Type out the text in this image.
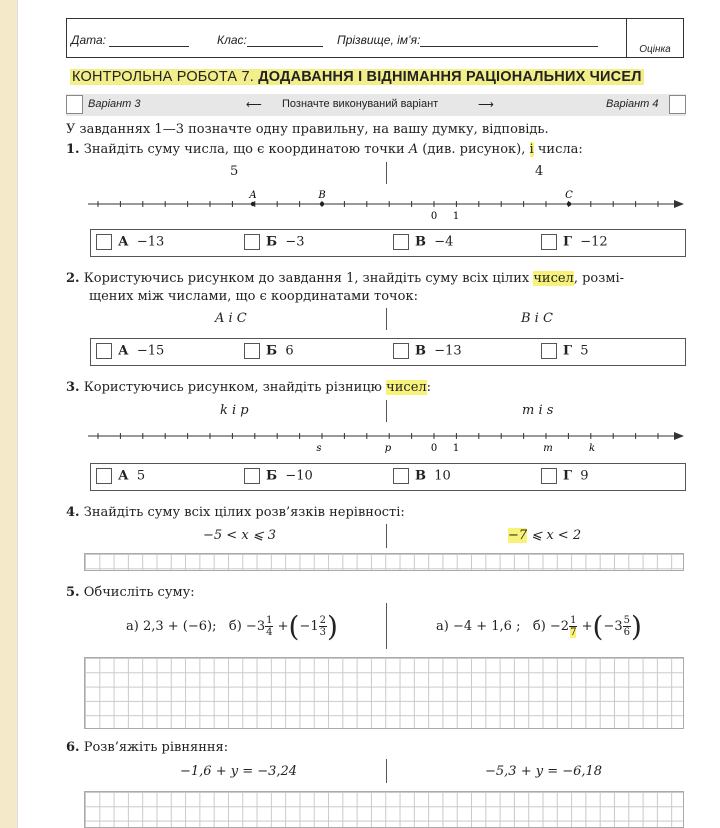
Дата:	Клас:	Прізвище, ім’я:
Оцінка
КОНТРОЛЬНА РОБОТА 7. ДОДАВАННЯ І ВІДНІМАННЯ РАЦІОНАЛЬНИХ ЧИСЕЛ
Варіант 3	⟵ Позначте виконуваний варіант	⟶	Варіант 4
У завданнях 1—3 позначте одну правильну, на вашу думку, відповідь.
1. Знайдіть суму числа, що є координатою точки A (див. рисунок), і числа:
5	4
A	B	C
0 1
А −13	Б −3	В −4	Г −12
2. Користуючись рисунком до завдання 1, знайдіть суму всіх цілих чисел, розмі-
щених між числами, що є координатами точок:
A і C	B і C
А −15	Б 6	В −13	Г 5
3. Користуючись рисунком, знайдіть різницю чисел:
k і p	m і s
s	p	0 1	m	k
А 5	Б −10	В 10	Г 9
4. Знайдіть суму всіх цілих розв’язків нерівності:
−5 < x ⩽ 3	−7 ⩽ x < 2
5. Обчисліть суму:
а) 2,3 + (−6); $б) -3 \frac{1}{4} +(-1 \frac{2}{3})$	а) −4 + 1,6 ; $б) -2 \frac{1}{7} +(-3 \frac{5}{6})$
6. Розв’яжіть рівняння:
−1,6 + y = −3,24	−5,3 + y = −6,18
